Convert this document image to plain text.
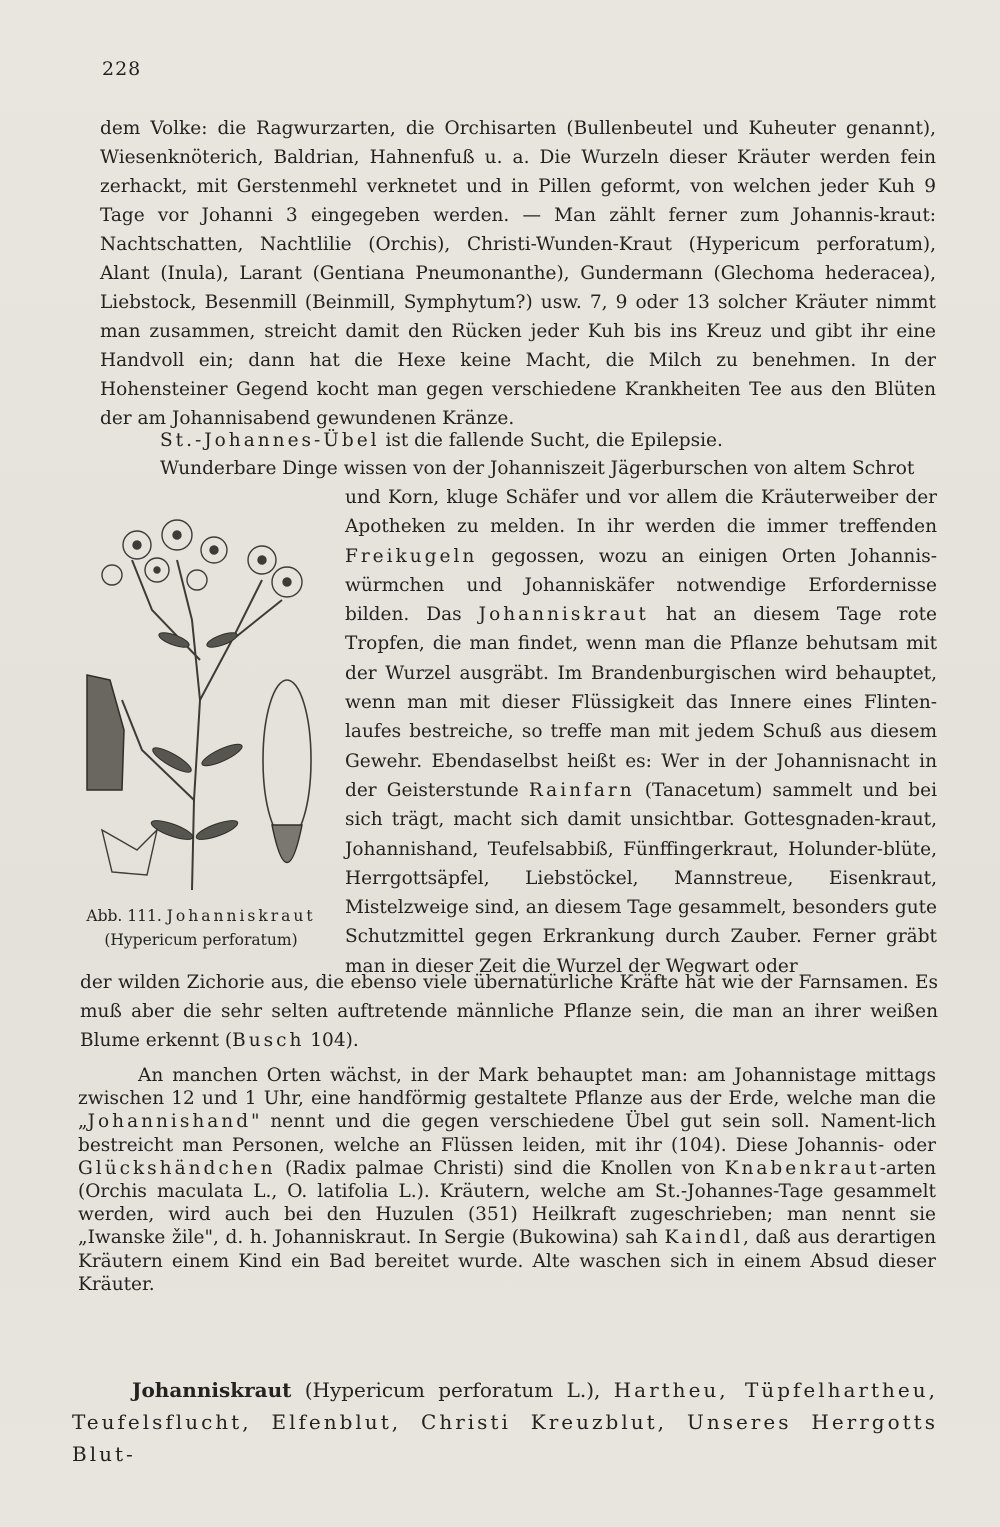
228

dem Volke: die Ragwurzarten, die Orchisarten (Bullenbeutel und Kuheuter genannt), Wiesenknöterich, Baldrian, Hahnenfuß u. a. Die Wurzeln dieser Kräuter werden fein zerhackt, mit Gerstenmehl verknetet und in Pillen geformt, von welchen jeder Kuh 9 Tage vor Johanni 3 eingegeben werden. — Man zählt ferner zum Johannis-kraut: Nachtschatten, Nachtlilie (Orchis), Christi-Wunden-Kraut (Hypericum perforatum), Alant (Inula), Larant (Gentiana Pneumonanthe), Gundermann (Glechoma hederacea), Liebstock, Besenmill (Beinmill, Symphytum?) usw. 7, 9 oder 13 solcher Kräuter nimmt man zusammen, streicht damit den Rücken jeder Kuh bis ins Kreuz und gibt ihr eine Handvoll ein; dann hat die Hexe keine Macht, die Milch zu benehmen. In der Hohensteiner Gegend kocht man gegen verschiedene Krankheiten Tee aus den Blüten der am Johannisabend gewundenen Kränze.

St.-Johannes-Übel ist die fallende Sucht, die Epilepsie.

Wunderbare Dinge wissen von der Johanniszeit Jägerburschen von altem Schrot

und Korn, kluge Schäfer und vor allem die Kräuterweiber der Apotheken zu melden. In ihr werden die immer treffenden Freikugeln gegossen, wozu an einigen Orten Johannis-würmchen und Johanniskäfer notwendige Erfordernisse bilden. Das Johanniskraut hat an diesem Tage rote Tropfen, die man findet, wenn man die Pflanze behutsam mit der Wurzel ausgräbt. Im Brandenburgischen wird behauptet, wenn man mit dieser Flüssigkeit das Innere eines Flinten-laufes bestreiche, so treffe man mit jedem Schuß aus diesem Gewehr. Ebendaselbst heißt es: Wer in der Johannisnacht in der Geisterstunde Rainfarn (Tanacetum) sammelt und bei sich trägt, macht sich damit unsichtbar. Gottesgnaden-kraut, Johannishand, Teufelsabbiß, Fünffingerkraut, Holunder-blüte, Herrgottsäpfel, Liebstöckel, Mannstreue, Eisenkraut, Mistelzweige sind, an diesem Tage gesammelt, besonders gute Schutzmittel gegen Erkrankung durch Zauber. Ferner gräbt man in dieser Zeit die Wurzel der Wegwart oder

Abb. 111. Johanniskraut
(Hypericum perforatum)

der wilden Zichorie aus, die ebenso viele übernatürliche Kräfte hat wie der Farnsamen. Es muß aber die sehr selten auftretende männliche Pflanze sein, die man an ihrer weißen Blume erkennt (Busch 104).

An manchen Orten wächst, in der Mark behauptet man: am Johannistage mittags zwischen 12 und 1 Uhr, eine handförmig gestaltete Pflanze aus der Erde, welche man die „Johannishand" nennt und die gegen verschiedene Übel gut sein soll. Nament-lich bestreicht man Personen, welche an Flüssen leiden, mit ihr (104). Diese Johannis- oder Glückshändchen (Radix palmae Christi) sind die Knollen von Knabenkraut-arten (Orchis maculata L., O. latifolia L.). Kräutern, welche am St.-Johannes-Tage gesammelt werden, wird auch bei den Huzulen (351) Heilkraft zugeschrieben; man nennt sie „Iwanske žile", d. h. Johanniskraut. In Sergie (Bukowina) sah Kaindl, daß aus derartigen Kräutern einem Kind ein Bad bereitet wurde. Alte waschen sich in einem Absud dieser Kräuter.

Johanniskraut (Hypericum perforatum L.), Hartheu, Tüpfelhartheu, Teufelsflucht, Elfenblut, Christi Kreuzblut, Unseres Herrgotts Blut-
